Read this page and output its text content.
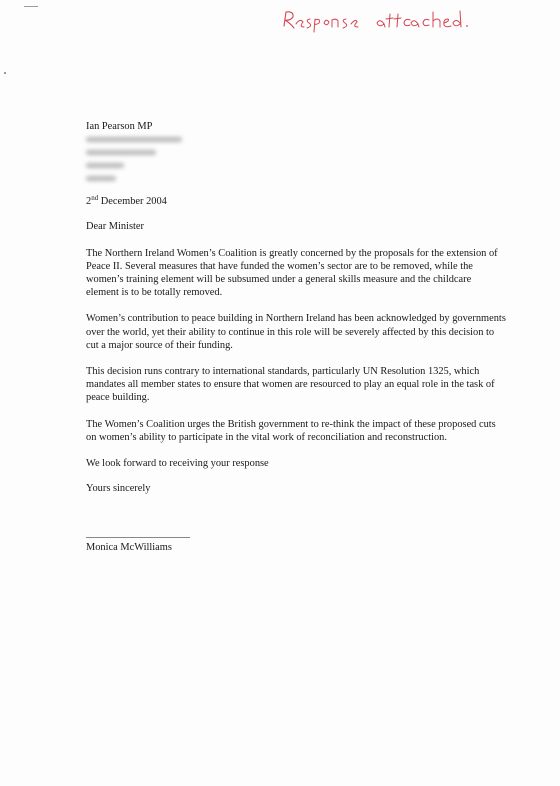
Ian Pearson MP

2nd December 2004

Dear Minister

The Northern Ireland Women’s Coalition is greatly concerned by the proposals for the extension of Peace II. Several measures that have funded the women’s sector are to be removed, while the women’s training element will be subsumed under a general skills measure and the childcare element is to be totally removed.

Women’s contribution to peace building in Northern Ireland has been acknowledged by governments over the world, yet their ability to continue in this role will be severely affected by this decision to cut a major source of their funding.

This decision runs contrary to international standards, particularly UN Resolution 1325, which mandates all member states to ensure that women are resourced to play an equal role in the task of peace building.

The Women’s Coalition urges the British government to re-think the impact of these proposed cuts on women’s ability to participate in the vital work of reconciliation and reconstruction.

We look forward to receiving your response

Yours sincerely

Monica McWilliams
